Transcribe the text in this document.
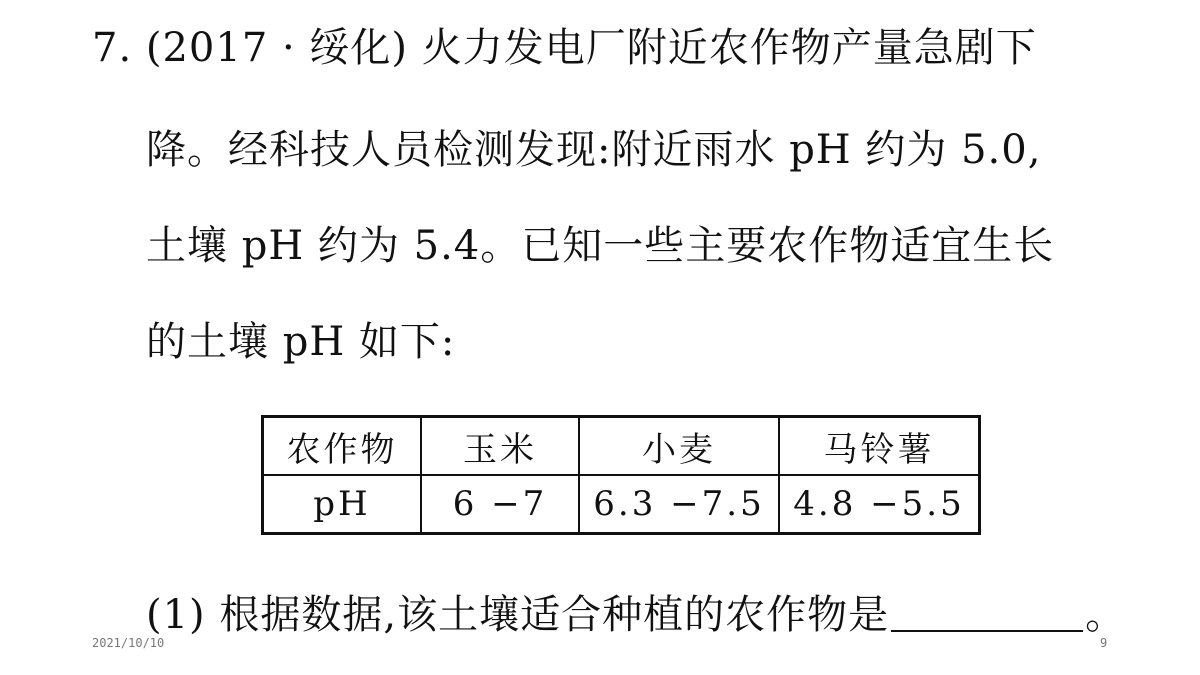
7. (2017 · 绥化) 火力发电厂附近农作物产量急剧下
降。经科技人员检测发现:附近雨水 pH 约为 5.0,
土壤 pH 约为 5.4。已知一些主要农作物适宜生长
的土壤 pH 如下:
农作物	玉米	小麦	马铃薯
pH	6 −7	6.3 −7.5	4.8 −5.5
(1) 根据数据,该土壤适合种植的农作物是	。
2021/10/10	9
